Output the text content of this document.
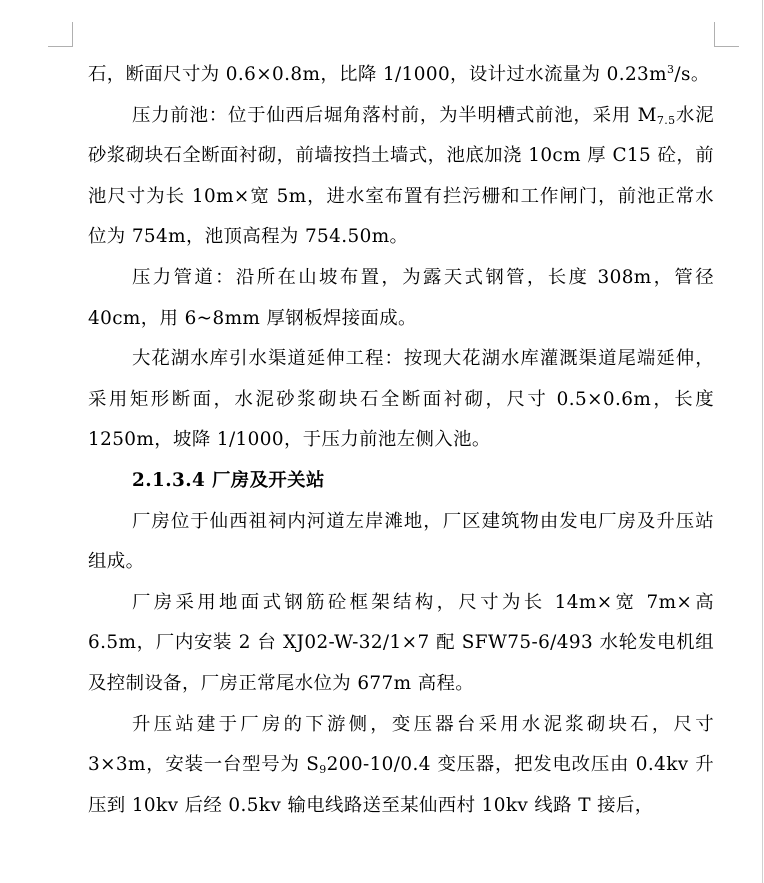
石，断面尺寸为 0.6×0.8m，比降 1/1000，设计过水流量为 $0.23m^3/s$。

压力前池：位于仙西后堀角落村前，为半明槽式前池，采用 $M_{7.5}$水泥砂浆砌块石全断面衬砌，前墙按挡土墙式，池底加浇 10cm 厚 C15 砼，前池尺寸为长 10m×宽 5m，进水室布置有拦污栅和工作闸门，前池正常水位为 754m，池顶高程为 754.50m。

压力管道：沿所在山坡布置，为露天式钢管，长度 308m，管径 40cm，用 6~8mm 厚钢板焊接面成。

大花湖水库引水渠道延伸工程：按现大花湖水库灌溉渠道尾端延伸，采用矩形断面，水泥砂浆砌块石全断面衬砌，尺寸 0.5×0.6m，长度 1250m，坡降 1/1000，于压力前池左侧入池。

2.1.3.4 厂房及开关站

厂房位于仙西祖祠内河道左岸滩地，厂区建筑物由发电厂房及升压站组成。

厂房采用地面式钢筋砼框架结构，尺寸为长 14m×宽 7m×高 6.5m，厂内安装 2 台 XJ02-W-32/1×7 配 SFW75-6/493 水轮发电机组及控制设备，厂房正常尾水位为 677m 高程。

升压站建于厂房的下游侧，变压器台采用水泥浆砌块石，尺寸 3×3m，安装一台型号为 $S_9200-10/0.4$ 变压器，把发电改压由 0.4kv 升压到 10kv 后经 0.5kv 输电线路送至某仙西村 10kv 线路 T 接后，
